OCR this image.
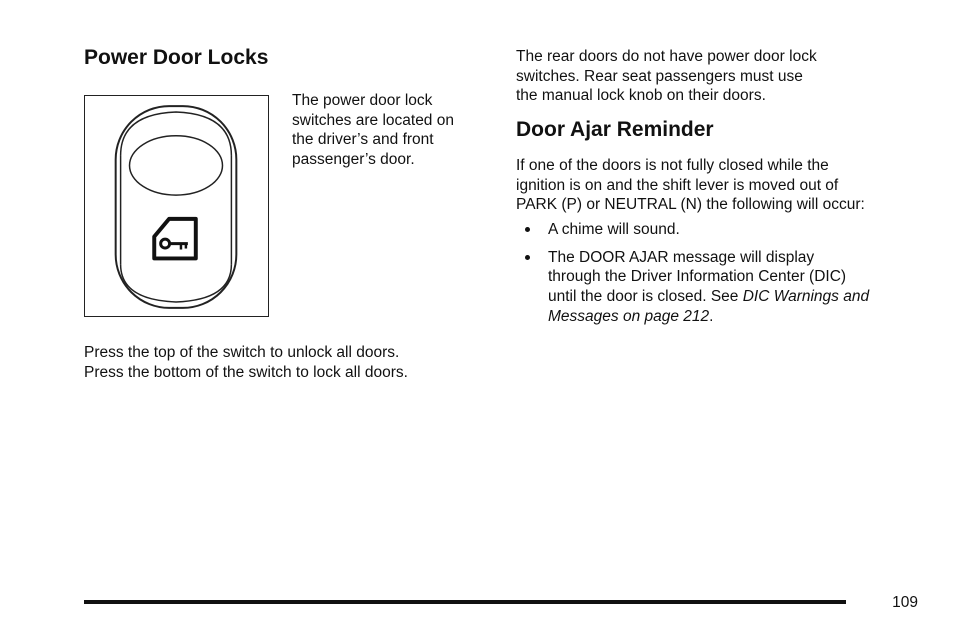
Power Door Locks

The power door lock

switches are located on

the driver’s and front

passenger’s door.

Press the top of the switch to unlock all doors.

Press the bottom of the switch to lock all doors.

The rear doors do not have power door lock

switches. Rear seat passengers must use

the manual lock knob on their doors.

Door Ajar Reminder

If one of the doors is not fully closed while the

ignition is on and the shift lever is moved out of

PARK (P) or NEUTRAL (N) the following will occur:

A chime will sound.

The DOOR AJAR message will display

through the Driver Information Center (DIC)

until the door is closed. See DIC Warnings and

Messages on page 212.

109
